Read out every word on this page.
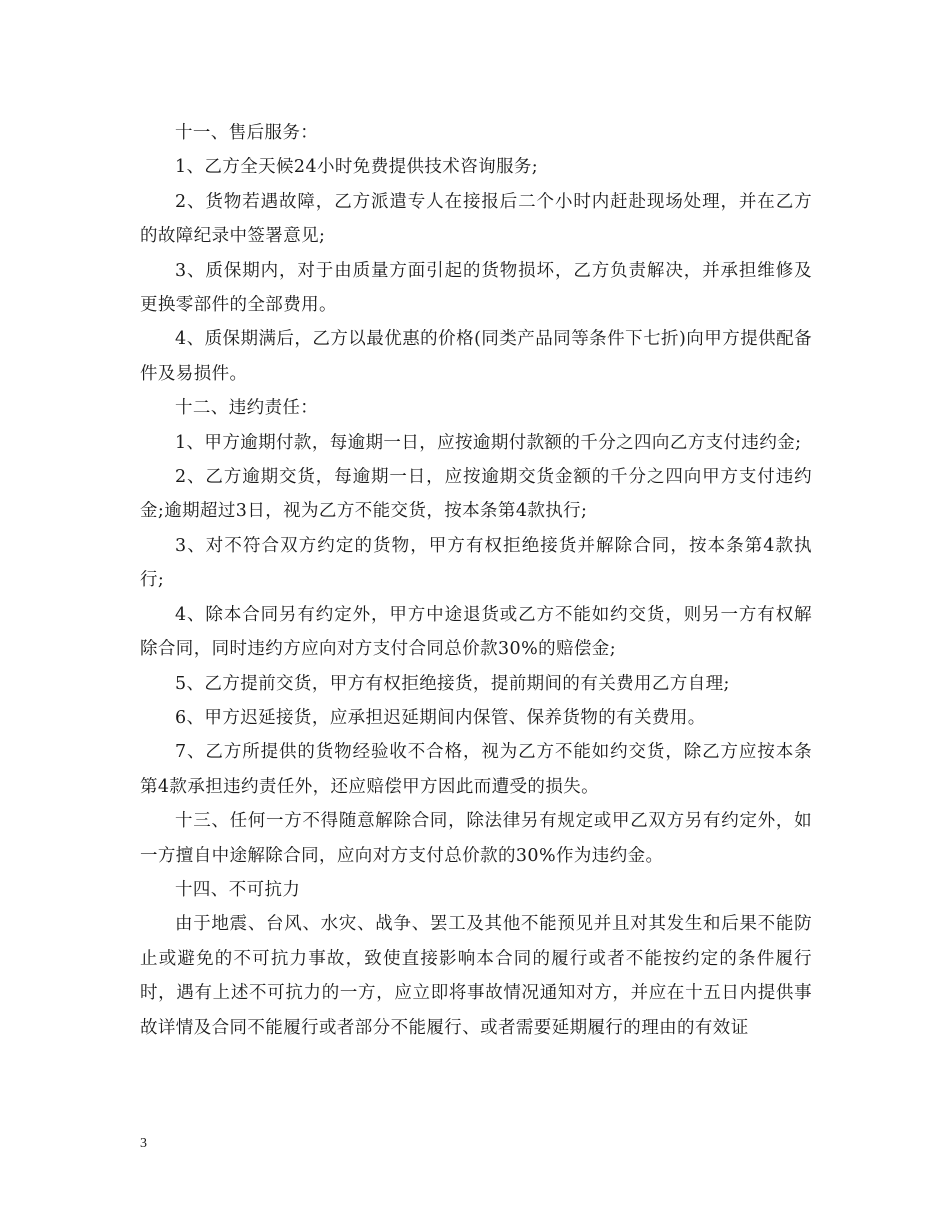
十一、售后服务：

1、乙方全天候24小时免费提供技术咨询服务;

2、货物若遇故障，乙方派遣专人在接报后二个小时内赶赴现场处理，并在乙方的故障纪录中签署意见;

3、质保期内，对于由质量方面引起的货物损坏，乙方负责解决，并承担维修及更换零部件的全部费用。

4、质保期满后，乙方以最优惠的价格(同类产品同等条件下七折)向甲方提供配备件及易损件。

十二、违约责任：

1、甲方逾期付款，每逾期一日，应按逾期付款额的千分之四向乙方支付违约金;

2、乙方逾期交货，每逾期一日，应按逾期交货金额的千分之四向甲方支付违约金;逾期超过3日，视为乙方不能交货，按本条第4款执行;

3、对不符合双方约定的货物，甲方有权拒绝接货并解除合同，按本条第4款执行;

4、除本合同另有约定外，甲方中途退货或乙方不能如约交货，则另一方有权解除合同，同时违约方应向对方支付合同总价款30%的赔偿金;

5、乙方提前交货，甲方有权拒绝接货，提前期间的有关费用乙方自理;

6、甲方迟延接货，应承担迟延期间内保管、保养货物的有关费用。

7、乙方所提供的货物经验收不合格，视为乙方不能如约交货，除乙方应按本条第4款承担违约责任外，还应赔偿甲方因此而遭受的损失。

十三、任何一方不得随意解除合同，除法律另有规定或甲乙双方另有约定外，如一方擅自中途解除合同，应向对方支付总价款的30%作为违约金。

十四、不可抗力

由于地震、台风、水灾、战争、罢工及其他不能预见并且对其发生和后果不能防止或避免的不可抗力事故，致使直接影响本合同的履行或者不能按约定的条件履行时，遇有上述不可抗力的一方，应立即将事故情况通知对方，并应在十五日内提供事故详情及合同不能履行或者部分不能履行、或者需要延期履行的理由的有效证

3
